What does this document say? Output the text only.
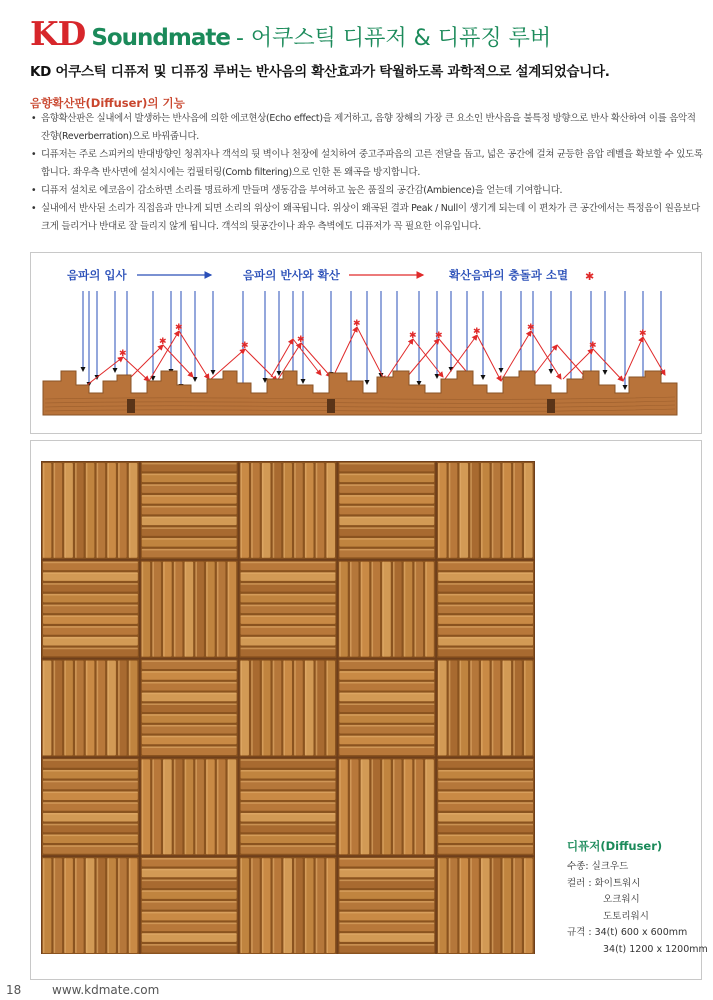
KD Soundmate - 어쿠스틱 디퓨저 & 디퓨징 루버
KD 어쿠스틱 디퓨저 및 디퓨징 루버는 반사음의 확산효과가 탁월하도록 과학적으로 설계되었습니다.
음향확산판(Diffuser)의 기능
• 음향확산판은 실내에서 발생하는 반사음에 의한 에코현상(Echo effect)을 제거하고, 음향 장해의 가장 큰 요소인 반사음을 불특정 방향으로 반사 확산하여 이를 음악적 잔향(Reverberration)으로 바꿔줍니다.
• 디퓨저는 주로 스피커의 반대방향인 청취자나 객석의 뒷 벽이나 천장에 설치하여 중고주파음의 고른 전달을 돕고, 넓은 공간에 걸쳐 균등한 음압 레벨을 확보할 수 있도록 합니다. 좌우측 반사면에 설치시에는 컴필터링(Comb filtering)으로 인한 톤 왜곡을 방지합니다.
• 디퓨저 설치로 에코음이 감소하면 소리를 명료하게 만들며 생동감을 부여하고 높은 품질의 공간감(Ambience)을 얻는데 기여합니다.
• 실내에서 반사된 소리가 직접음과 만나게 되면 소리의 위상이 왜곡됩니다. 위상이 왜곡된 결과 Peak / Null이 생기게 되는데 이 편차가 큰 공간에서는 특정음이 원음보다 크게 들리거나 반대로 잘 들리지 않게 됩니다. 객석의 뒷공간이나 좌우 측벽에도 디퓨저가 꼭 필요한 이유입니다.
음파의 입사	음파의 반사와 확산	확산음파의 충돌과 소멸 ✱
✱
✱
✱
✱
✱
✱	✱	✱
✱
✱
✱
✱
디퓨저(Diffuser)
수종: 실크우드
컬러 : 화이트워시
오크워시
도토리워시
규격 : 34(t) 600 x 600mm
34(t) 1200 x 1200mm
18	www.kdmate.com
